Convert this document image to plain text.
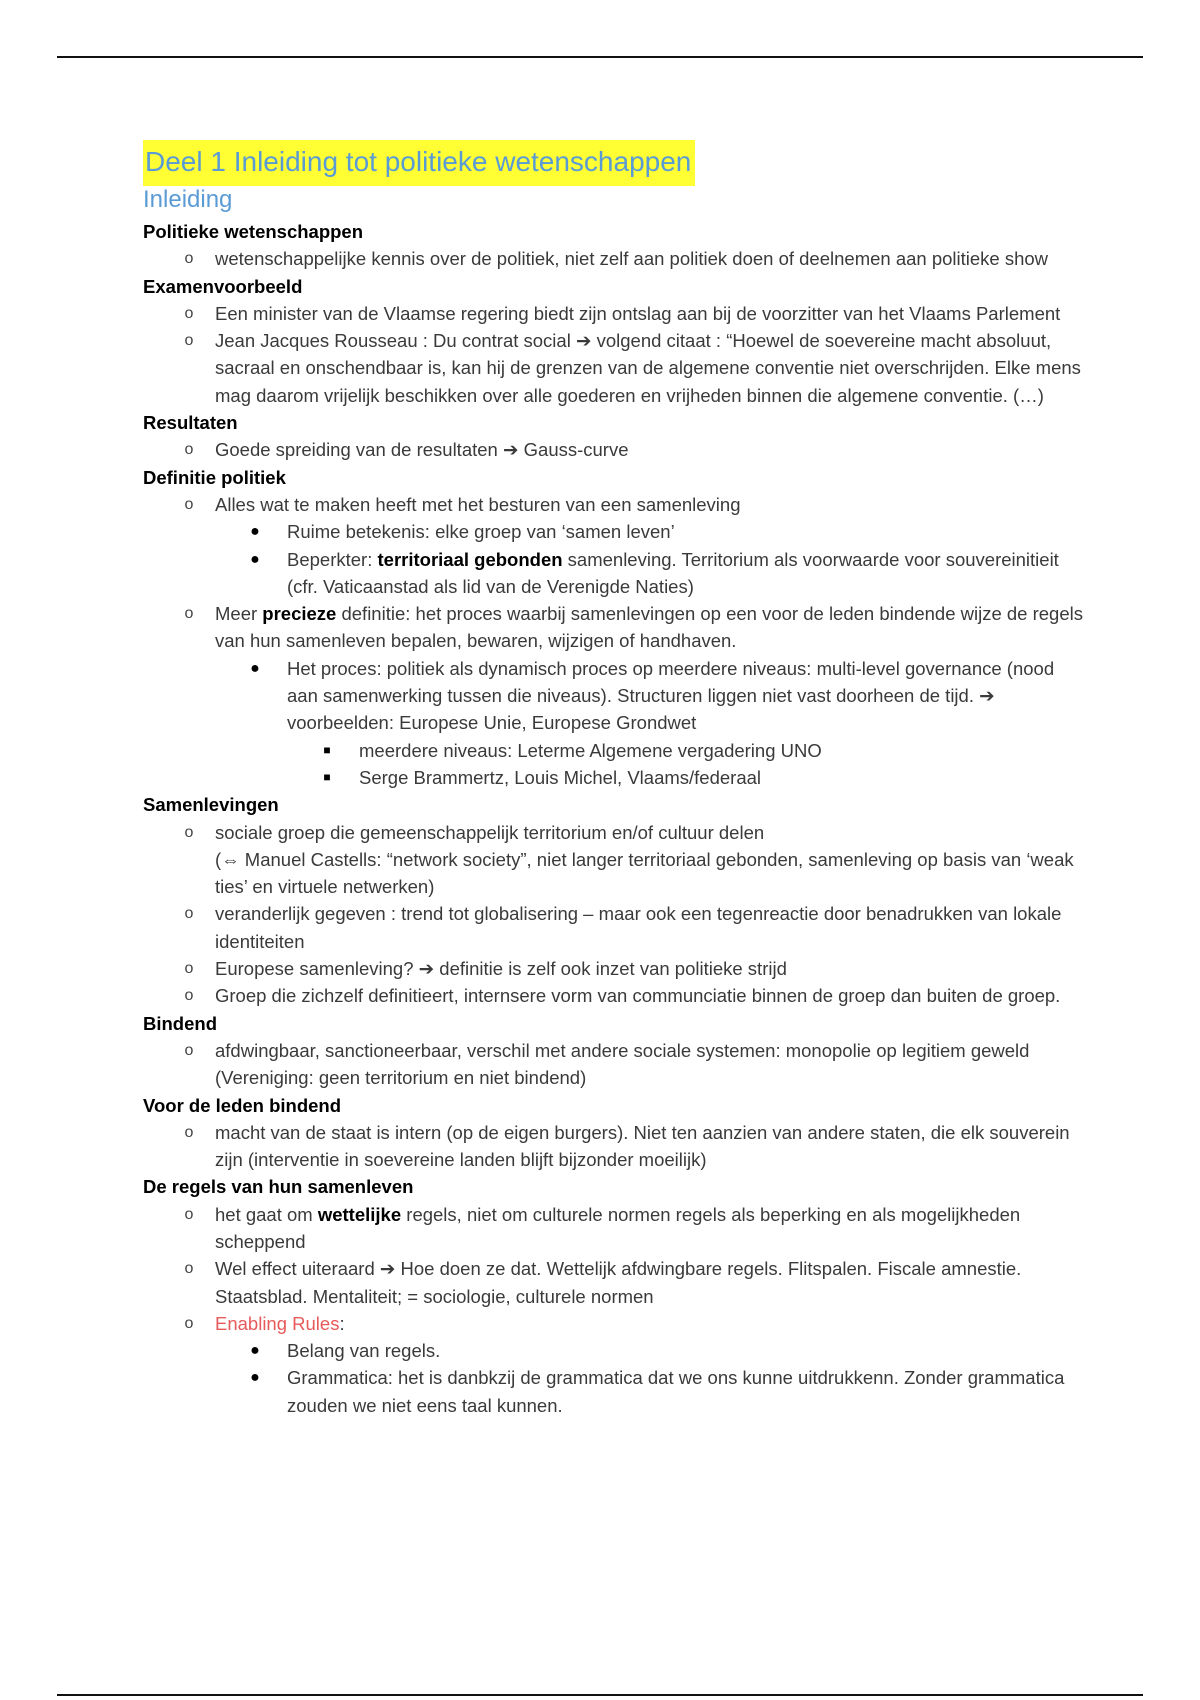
Deel 1 Inleiding tot politieke wetenschappen
Inleiding
Politieke wetenschappen
o wetenschappelijke kennis over de politiek, niet zelf aan politiek doen of deelnemen aan politieke show
Examenvoorbeeld
o Een minister van de Vlaamse regering biedt zijn ontslag aan bij de voorzitter van het Vlaams Parlement
o Jean Jacques Rousseau : Du contrat social ➔ volgend citaat : “Hoewel de soevereine macht absoluut, sacraal en onschendbaar is, kan hij de grenzen van de algemene conventie niet overschrijden. Elke mens mag daarom vrijelijk beschikken over alle goederen en vrijheden binnen die algemene conventie. (…)
Resultaten
o Goede spreiding van de resultaten ➔ Gauss-curve
Definitie politiek
o Alles wat te maken heeft met het besturen van een samenleving
● Ruime betekenis: elke groep van ‘samen leven’
● Beperkter: territoriaal gebonden samenleving. Territorium als voorwaarde voor souvereinitieit (cfr. Vaticaanstad als lid van de Verenigde Naties)
o Meer precieze definitie: het proces waarbij samenlevingen op een voor de leden bindende wijze de regels van hun samenleven bepalen, bewaren, wijzigen of handhaven.
● Het proces: politiek als dynamisch proces op meerdere niveaus: multi-level governance (nood aan samenwerking tussen die niveaus). Structuren liggen niet vast doorheen de tijd. ➔ voorbeelden: Europese Unie, Europese Grondwet
■ meerdere niveaus: Leterme Algemene vergadering UNO
■ Serge Brammertz, Louis Michel, Vlaams/federaal
Samenlevingen
o sociale groep die gemeenschappelijk territorium en/of cultuur delen
(⇔ Manuel Castells: “network society”, niet langer territoriaal gebonden, samenleving op basis van ‘weak ties’ en virtuele netwerken)
o veranderlijk gegeven : trend tot globalisering – maar ook een tegenreactie door benadrukken van lokale identiteiten
o Europese samenleving? ➔ definitie is zelf ook inzet van politieke strijd
o Groep die zichzelf definitieert, internsere vorm van communciatie binnen de groep dan buiten de groep.
Bindend
o afdwingbaar, sanctioneerbaar, verschil met andere sociale systemen: monopolie op legitiem geweld (Vereniging: geen territorium en niet bindend)
Voor de leden bindend
o macht van de staat is intern (op de eigen burgers). Niet ten aanzien van andere staten, die elk souverein zijn (interventie in soevereine landen blijft bijzonder moeilijk)
De regels van hun samenleven
o het gaat om wettelijke regels, niet om culturele normen regels als beperking en als mogelijkheden scheppend
o Wel effect uiteraard ➔ Hoe doen ze dat. Wettelijk afdwingbare regels. Flitspalen. Fiscale amnestie. Staatsblad. Mentaliteit; = sociologie, culturele normen
o Enabling Rules:
● Belang van regels.
● Grammatica: het is danbkzij de grammatica dat we ons kunne uitdrukkenn. Zonder grammatica zouden we niet eens taal kunnen.
